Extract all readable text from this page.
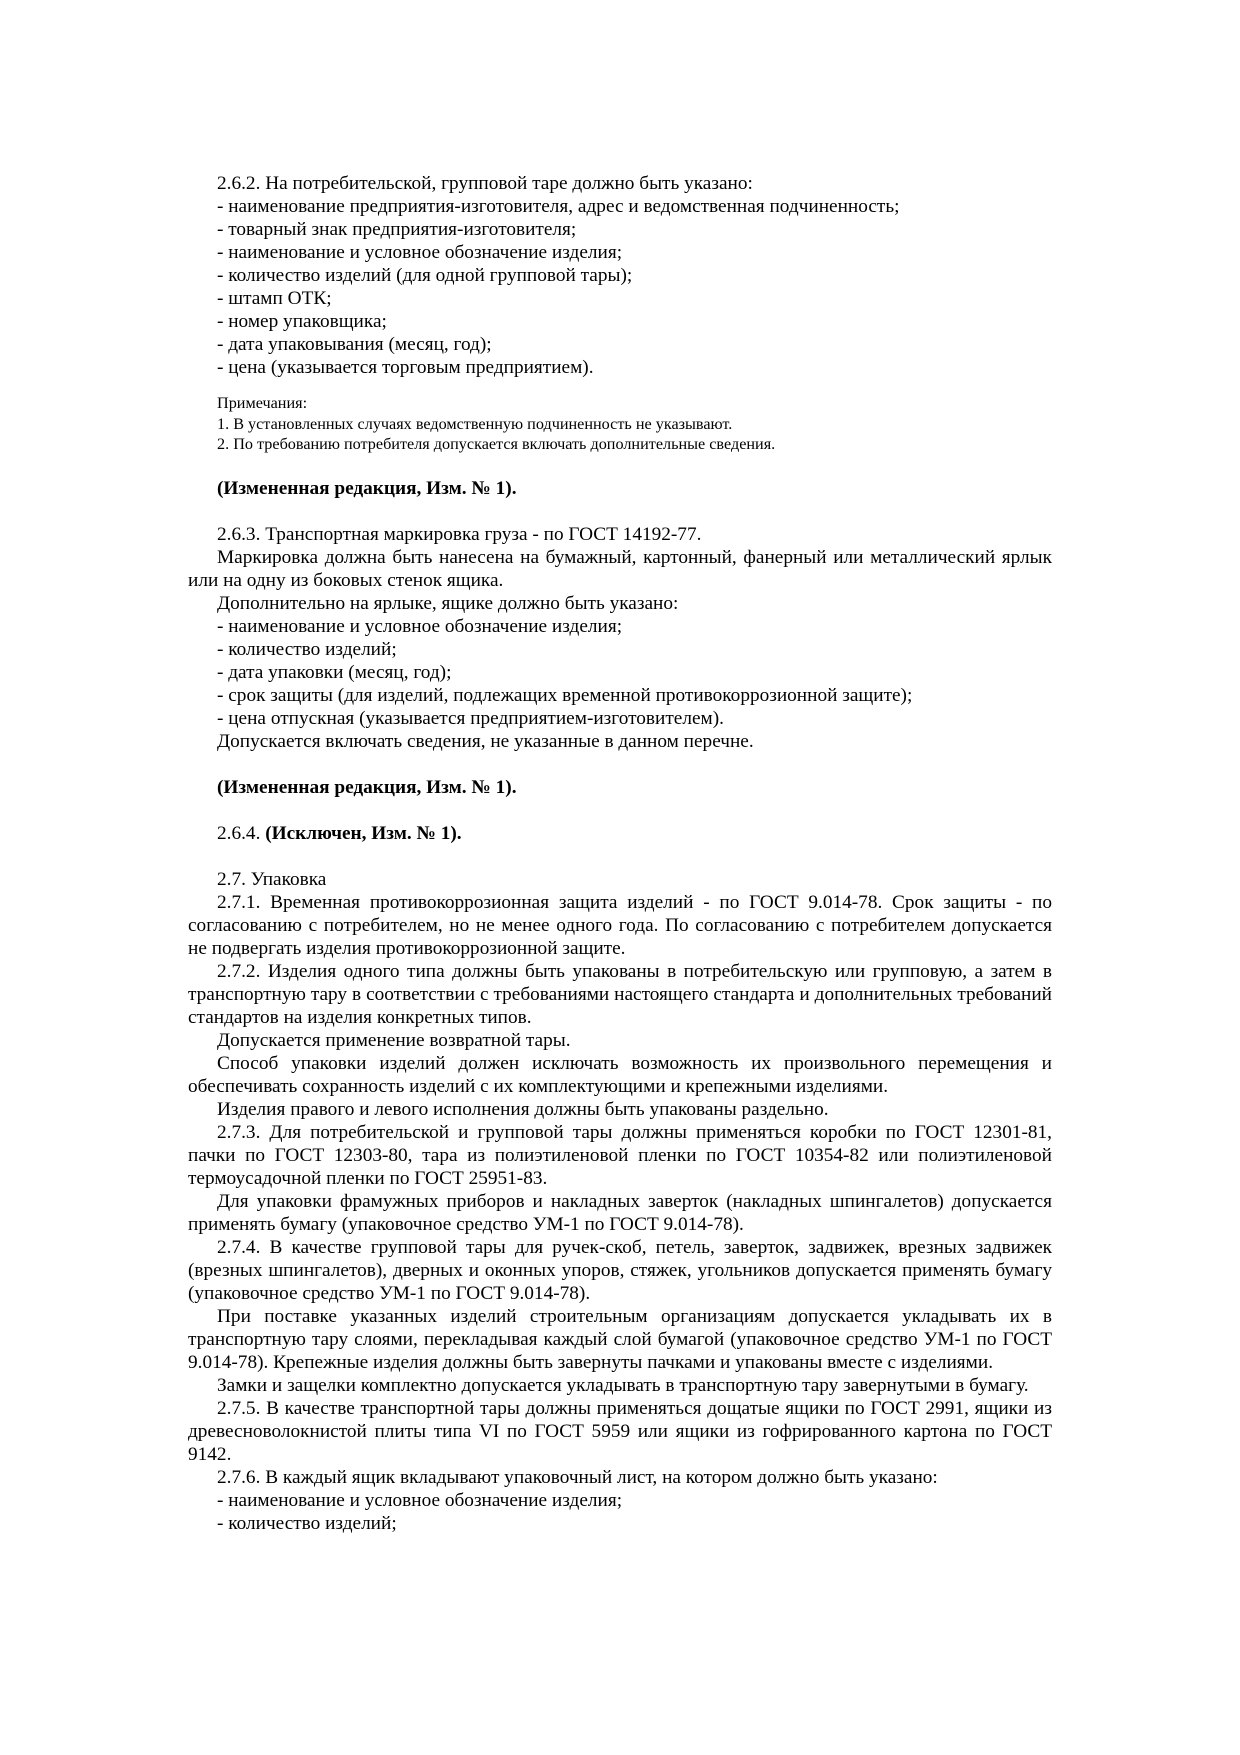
2.6.2. На потребительской, групповой таре должно быть указано:

- наименование предприятия-изготовителя, адрес и ведомственная подчиненность;

- товарный знак предприятия-изготовителя;

- наименование и условное обозначение изделия;

- количество изделий (для одной групповой тары);

- штамп ОТК;

- номер упаковщика;

- дата упаковывания (месяц, год);

- цена (указывается торговым предприятием).

Примечания:

1. В установленных случаях ведомственную подчиненность не указывают.

2. По требованию потребителя допускается включать дополнительные сведения.

(Измененная редакция, Изм. № 1).

2.6.3. Транспортная маркировка груза - по ГОСТ 14192-77.

Маркировка должна быть нанесена на бумажный, картонный, фанерный или металлический ярлык или на одну из боковых стенок ящика.

Дополнительно на ярлыке, ящике должно быть указано:

- наименование и условное обозначение изделия;

- количество изделий;

- дата упаковки (месяц, год);

- срок защиты (для изделий, подлежащих временной противокоррозионной защите);

- цена отпускная (указывается предприятием-изготовителем).

Допускается включать сведения, не указанные в данном перечне.

(Измененная редакция, Изм. № 1).

2.6.4. (Исключен, Изм. № 1).

2.7. Упаковка

2.7.1. Временная противокоррозионная защита изделий - по ГОСТ 9.014-78. Срок защиты - по согласованию с потребителем, но не менее одного года. По согласованию с потребителем допускается не подвергать изделия противокоррозионной защите.

2.7.2. Изделия одного типа должны быть упакованы в потребительскую или групповую, а затем в транспортную тару в соответствии с требованиями настоящего стандарта и дополнительных требований стандартов на изделия конкретных типов.

Допускается применение возвратной тары.

Способ упаковки изделий должен исключать возможность их произвольного перемещения и обеспечивать сохранность изделий с их комплектующими и крепежными изделиями.

Изделия правого и левого исполнения должны быть упакованы раздельно.

2.7.3. Для потребительской и групповой тары должны применяться коробки по ГОСТ 12301-81, пачки по ГОСТ 12303-80, тара из полиэтиленовой пленки по ГОСТ 10354-82 или полиэтиленовой термоусадочной пленки по ГОСТ 25951-83.

Для упаковки фрамужных приборов и накладных заверток (накладных шпингалетов) допускается применять бумагу (упаковочное средство УМ-1 по ГОСТ 9.014-78).

2.7.4. В качестве групповой тары для ручек-скоб, петель, заверток, задвижек, врезных задвижек (врезных шпингалетов), дверных и оконных упоров, стяжек, угольников допускается применять бумагу (упаковочное средство УМ-1 по ГОСТ 9.014-78).

При поставке указанных изделий строительным организациям допускается укладывать их в транспортную тару слоями, перекладывая каждый слой бумагой (упаковочное средство УМ-1 по ГОСТ 9.014-78). Крепежные изделия должны быть завернуты пачками и упакованы вместе с изделиями.

Замки и защелки комплектно допускается укладывать в транспортную тару завернутыми в бумагу.

2.7.5. В качестве транспортной тары должны применяться дощатые ящики по ГОСТ 2991, ящики из древесноволокнистой плиты типа VI по ГОСТ 5959 или ящики из гофрированного картона по ГОСТ 9142.

2.7.6. В каждый ящик вкладывают упаковочный лист, на котором должно быть указано:

- наименование и условное обозначение изделия;

- количество изделий;
